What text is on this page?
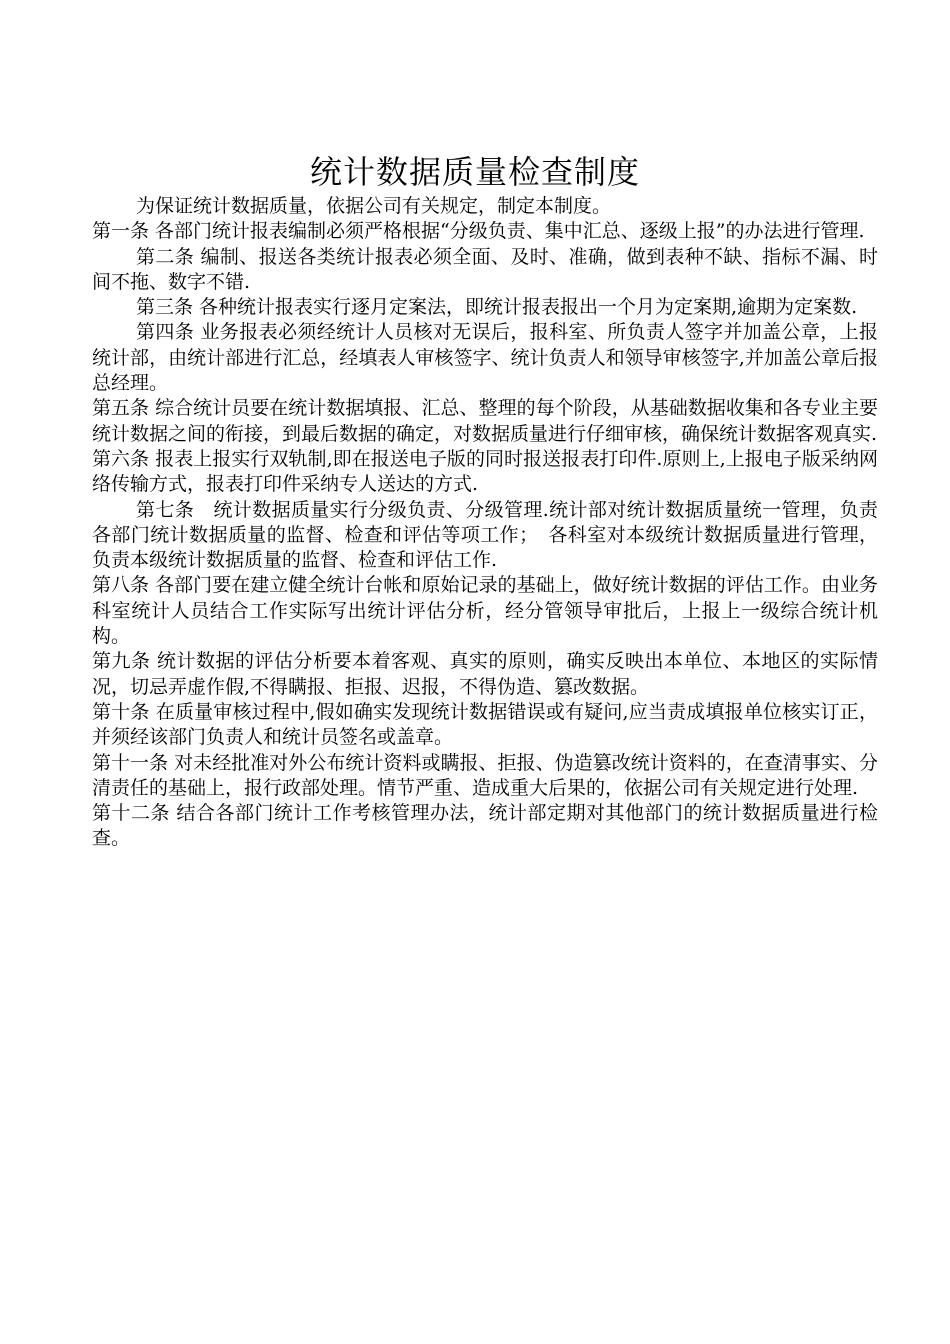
统计数据质量检查制度

为保证统计数据质量，依据公司有关规定，制定本制度。

第一条 各部门统计报表编制必须严格根据“分级负责、集中汇总、逐级上报”的办法进行管理.

第二条 编制、报送各类统计报表必须全面、及时、准确，做到表种不缺、指标不漏、时间不拖、数字不错.

第三条 各种统计报表实行逐月定案法，即统计报表报出一个月为定案期,逾期为定案数.

第四条 业务报表必须经统计人员核对无误后，报科室、所负责人签字并加盖公章，上报统计部，由统计部进行汇总，经填表人审核签字、统计负责人和领导审核签字,并加盖公章后报总经理。

第五条 综合统计员要在统计数据填报、汇总、整理的每个阶段，从基础数据收集和各专业主要统计数据之间的衔接，到最后数据的确定，对数据质量进行仔细审核，确保统计数据客观真实.

第六条 报表上报实行双轨制,即在报送电子版的同时报送报表打印件.原则上,上报电子版采纳网络传输方式，报表打印件采纳专人送达的方式.

第七条　统计数据质量实行分级负责、分级管理.统计部对统计数据质量统一管理，负责各部门统计数据质量的监督、检查和评估等项工作；　各科室对本级统计数据质量进行管理，负责本级统计数据质量的监督、检查和评估工作.

第八条 各部门要在建立健全统计台帐和原始记录的基础上，做好统计数据的评估工作。由业务科室统计人员结合工作实际写出统计评估分析，经分管领导审批后，上报上一级综合统计机构。

第九条 统计数据的评估分析要本着客观、真实的原则，确实反映出本单位、本地区的实际情况，切忌弄虚作假,不得瞒报、拒报、迟报，不得伪造、篡改数据。

第十条 在质量审核过程中,假如确实发现统计数据错误或有疑问,应当责成填报单位核实订正，并须经该部门负责人和统计员签名或盖章。

第十一条 对未经批准对外公布统计资料或瞒报、拒报、伪造篡改统计资料的，在查清事实、分清责任的基础上，报行政部处理。情节严重、造成重大后果的，依据公司有关规定进行处理.

第十二条 结合各部门统计工作考核管理办法，统计部定期对其他部门的统计数据质量进行检查。
